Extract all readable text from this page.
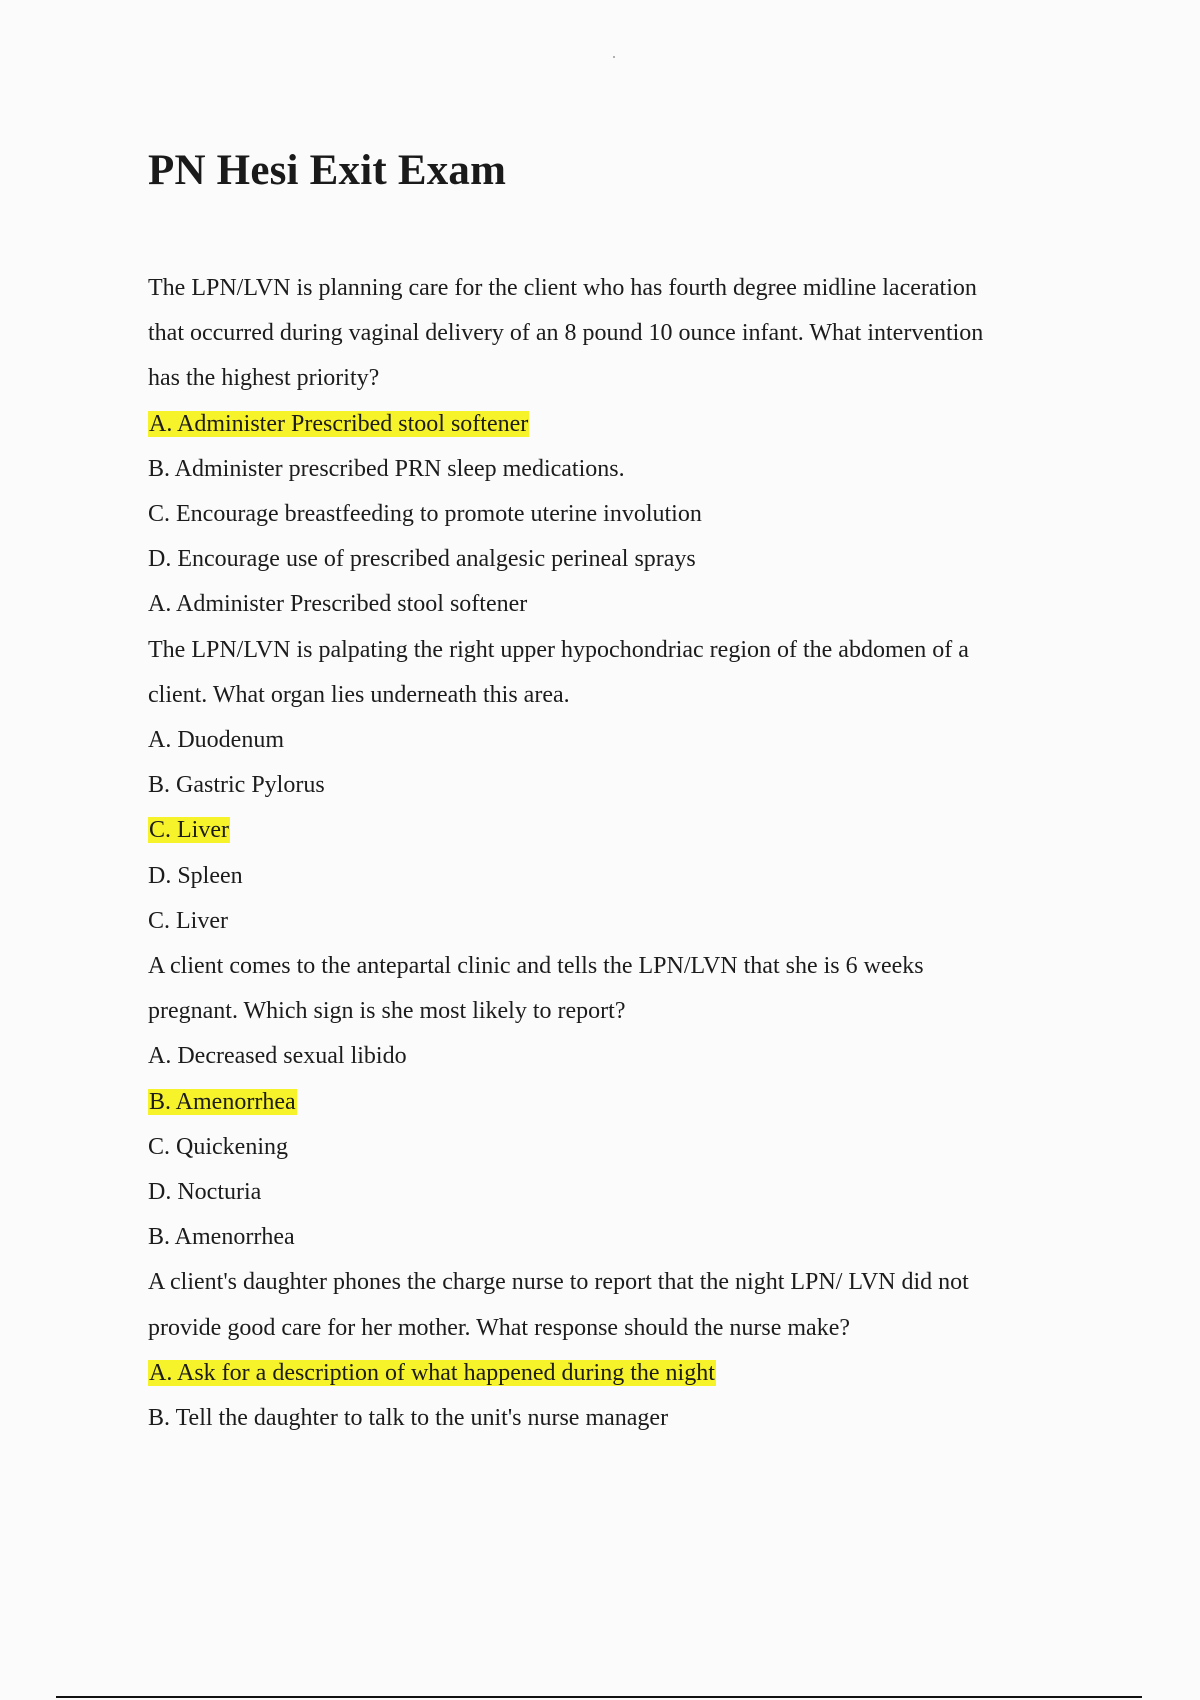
PN Hesi Exit Exam

The LPN/LVN is planning care for the client who has fourth degree midline laceration

that occurred during vaginal delivery of an 8 pound 10 ounce infant. What intervention

has the highest priority?

A. Administer Prescribed stool softener

B. Administer prescribed PRN sleep medications.

C. Encourage breastfeeding to promote uterine involution

D. Encourage use of prescribed analgesic perineal sprays

A. Administer Prescribed stool softener

The LPN/LVN is palpating the right upper hypochondriac region of the abdomen of a

client. What organ lies underneath this area.

A. Duodenum

B. Gastric Pylorus

C. Liver

D. Spleen

C. Liver

A client comes to the antepartal clinic and tells the LPN/LVN that she is 6 weeks

pregnant. Which sign is she most likely to report?

A. Decreased sexual libido

B. Amenorrhea

C. Quickening

D. Nocturia

B. Amenorrhea

A client's daughter phones the charge nurse to report that the night LPN/ LVN did not

provide good care for her mother. What response should the nurse make?

A. Ask for a description of what happened during the night

B. Tell the daughter to talk to the unit's nurse manager
